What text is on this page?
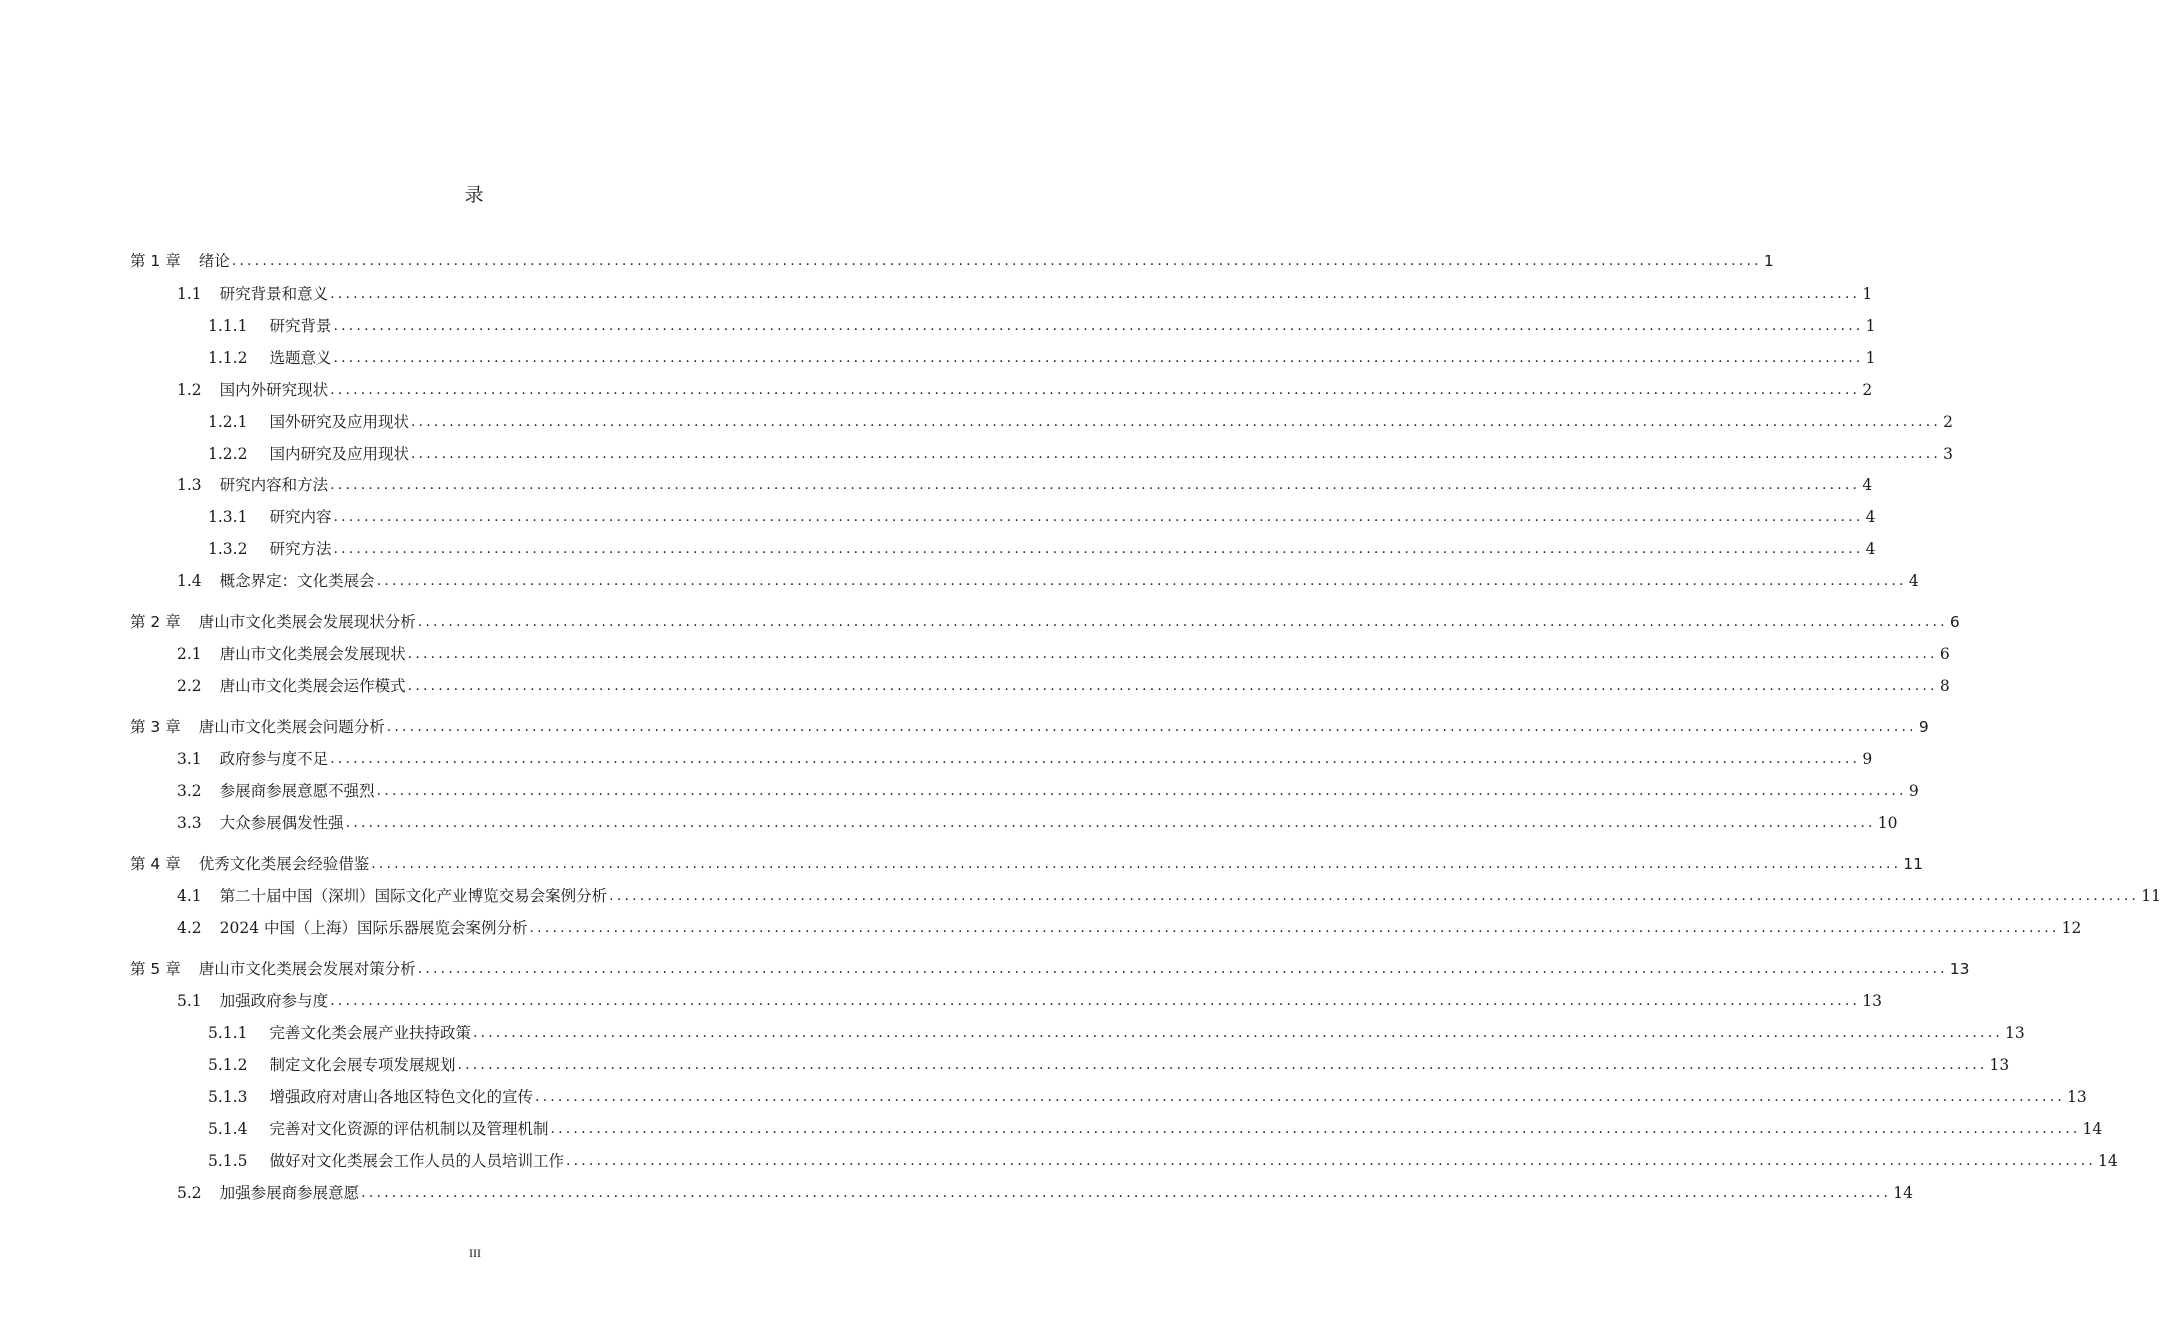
录
第 1 章 绪论 ........................................................................................................................................................................................................ 1
1.1 研究背景和意义 ........................................................................................................................................................................................................ 1
1.1.1 研究背景 ........................................................................................................................................................................................................ 1
1.1.2 选题意义 ........................................................................................................................................................................................................ 1
1.2 国内外研究现状 ........................................................................................................................................................................................................ 2
1.2.1 国外研究及应用现状 ........................................................................................................................................................................................................ 2
1.2.2 国内研究及应用现状 ........................................................................................................................................................................................................ 3
1.3 研究内容和方法 ........................................................................................................................................................................................................ 4
1.3.1 研究内容 ........................................................................................................................................................................................................ 4
1.3.2 研究方法 ........................................................................................................................................................................................................ 4
1.4 概念界定：文化类展会 ........................................................................................................................................................................................................ 4
第 2 章 唐山市文化类展会发展现状分析 ........................................................................................................................................................................................................ 6
2.1 唐山市文化类展会发展现状 ........................................................................................................................................................................................................ 6
2.2 唐山市文化类展会运作模式 ........................................................................................................................................................................................................ 8
第 3 章 唐山市文化类展会问题分析 ........................................................................................................................................................................................................ 9
3.1 政府参与度不足 ........................................................................................................................................................................................................ 9
3.2 参展商参展意愿不强烈 ........................................................................................................................................................................................................ 9
3.3 大众参展偶发性强 ........................................................................................................................................................................................................ 10
第 4 章 优秀文化类展会经验借鉴 ........................................................................................................................................................................................................ 11
4.1 第二十届中国（深圳）国际文化产业博览交易会案例分析 ........................................................................................................................................................................................................ 11
4.2 2024 中国（上海）国际乐器展览会案例分析 ........................................................................................................................................................................................................ 12
第 5 章 唐山市文化类展会发展对策分析 ........................................................................................................................................................................................................ 13
5.1 加强政府参与度 ........................................................................................................................................................................................................ 13
5.1.1 完善文化类会展产业扶持政策 ........................................................................................................................................................................................................ 13
5.1.2 制定文化会展专项发展规划 ........................................................................................................................................................................................................ 13
5.1.3 增强政府对唐山各地区特色文化的宣传 ........................................................................................................................................................................................................ 13
5.1.4 完善对文化资源的评估机制以及管理机制 ........................................................................................................................................................................................................ 14
5.1.5 做好对文化类展会工作人员的人员培训工作 ........................................................................................................................................................................................................ 14
5.2 加强参展商参展意愿 ........................................................................................................................................................................................................ 14
III
